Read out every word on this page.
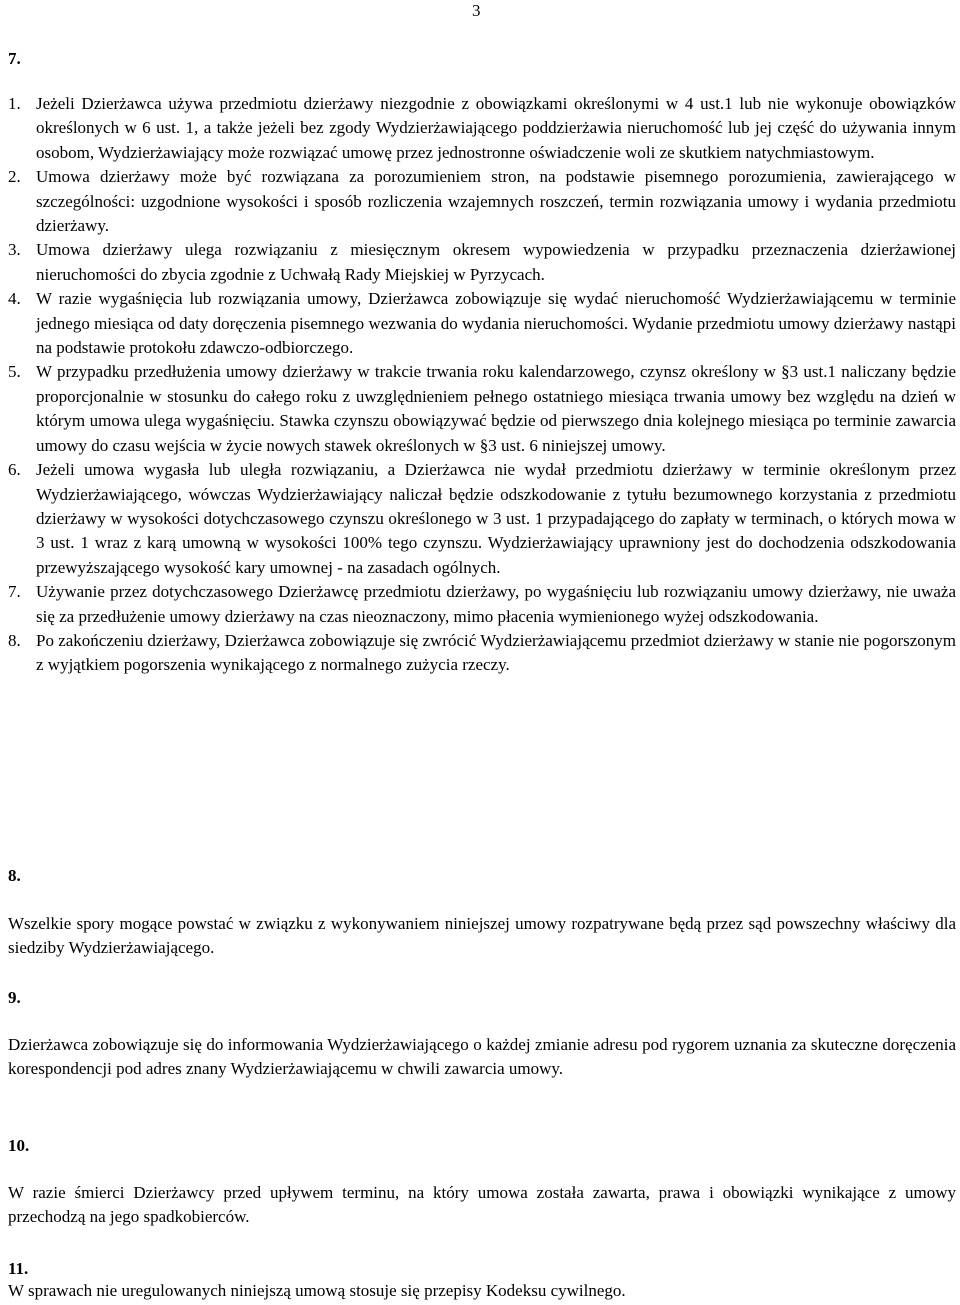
3
7.
1. Jeżeli Dzierżawca używa przedmiotu dzierżawy niezgodnie z obowiązkami określonymi w 4 ust.1 lub nie wykonuje obowiązków określonych w 6 ust. 1, a także jeżeli bez zgody Wydzierżawiającego poddzierżawia nieruchomość lub jej część do używania innym osobom, Wydzierżawiający może rozwiązać umowę przez jednostronne oświadczenie woli ze skutkiem natychmiastowym.
2. Umowa dzierżawy może być rozwiązana za porozumieniem stron, na podstawie pisemnego porozumienia, zawierającego w szczególności: uzgodnione wysokości i sposób rozliczenia wzajemnych roszczeń, termin rozwiązania umowy i wydania przedmiotu dzierżawy.
3. Umowa dzierżawy ulega rozwiązaniu z miesięcznym okresem wypowiedzenia w przypadku przeznaczenia dzierżawionej nieruchomości do zbycia zgodnie z Uchwałą Rady Miejskiej w Pyrzycach.
4. W razie wygaśnięcia lub rozwiązania umowy, Dzierżawca zobowiązuje się wydać nieruchomość Wydzierżawiającemu w terminie jednego miesiąca od daty doręczenia pisemnego wezwania do wydania nieruchomości. Wydanie przedmiotu umowy dzierżawy nastąpi na podstawie protokołu zdawczo-odbiorczego.
5. W przypadku przedłużenia umowy dzierżawy w trakcie trwania roku kalendarzowego, czynsz określony w §3 ust.1 naliczany będzie proporcjonalnie w stosunku do całego roku z uwzględnieniem pełnego ostatniego miesiąca trwania umowy bez względu na dzień w którym umowa ulega wygaśnięciu. Stawka czynszu obowiązywać będzie od pierwszego dnia kolejnego miesiąca po terminie zawarcia umowy do czasu wejścia w życie nowych stawek określonych w §3 ust. 6 niniejszej umowy.
6. Jeżeli umowa wygasła lub uległa rozwiązaniu, a Dzierżawca nie wydał przedmiotu dzierżawy w terminie określonym przez Wydzierżawiającego, wówczas Wydzierżawiający naliczał będzie odszkodowanie z tytułu bezumownego korzystania z przedmiotu dzierżawy w wysokości dotychczasowego czynszu określonego w 3 ust. 1 przypadającego do zapłaty w terminach, o których mowa w 3 ust. 1 wraz z karą umowną w wysokości 100% tego czynszu. Wydzierżawiający uprawniony jest do dochodzenia odszkodowania przewyższającego wysokość kary umownej - na zasadach ogólnych.
7. Używanie przez dotychczasowego Dzierżawcę przedmiotu dzierżawy, po wygaśnięciu lub rozwiązaniu umowy dzierżawy, nie uważa się za przedłużenie umowy dzierżawy na czas nieoznaczony, mimo płacenia wymienionego wyżej odszkodowania.
8. Po zakończeniu dzierżawy, Dzierżawca zobowiązuje się zwrócić Wydzierżawiającemu przedmiot dzierżawy w stanie nie pogorszonym z wyjątkiem pogorszenia wynikającego z normalnego zużycia rzeczy.
8.
Wszelkie spory mogące powstać w związku z wykonywaniem niniejszej umowy rozpatrywane będą przez sąd powszechny właściwy dla siedziby Wydzierżawiającego.
9.
Dzierżawca zobowiązuje się do informowania Wydzierżawiającego o każdej zmianie adresu pod rygorem uznania za skuteczne doręczenia korespondencji pod adres znany Wydzierżawiającemu w chwili zawarcia umowy.
10.
W razie śmierci Dzierżawcy przed upływem terminu, na który umowa została zawarta, prawa i obowiązki wynikające z umowy przechodzą na jego spadkobierców.
11.
W sprawach nie uregulowanych niniejszą umową stosuje się przepisy Kodeksu cywilnego.
